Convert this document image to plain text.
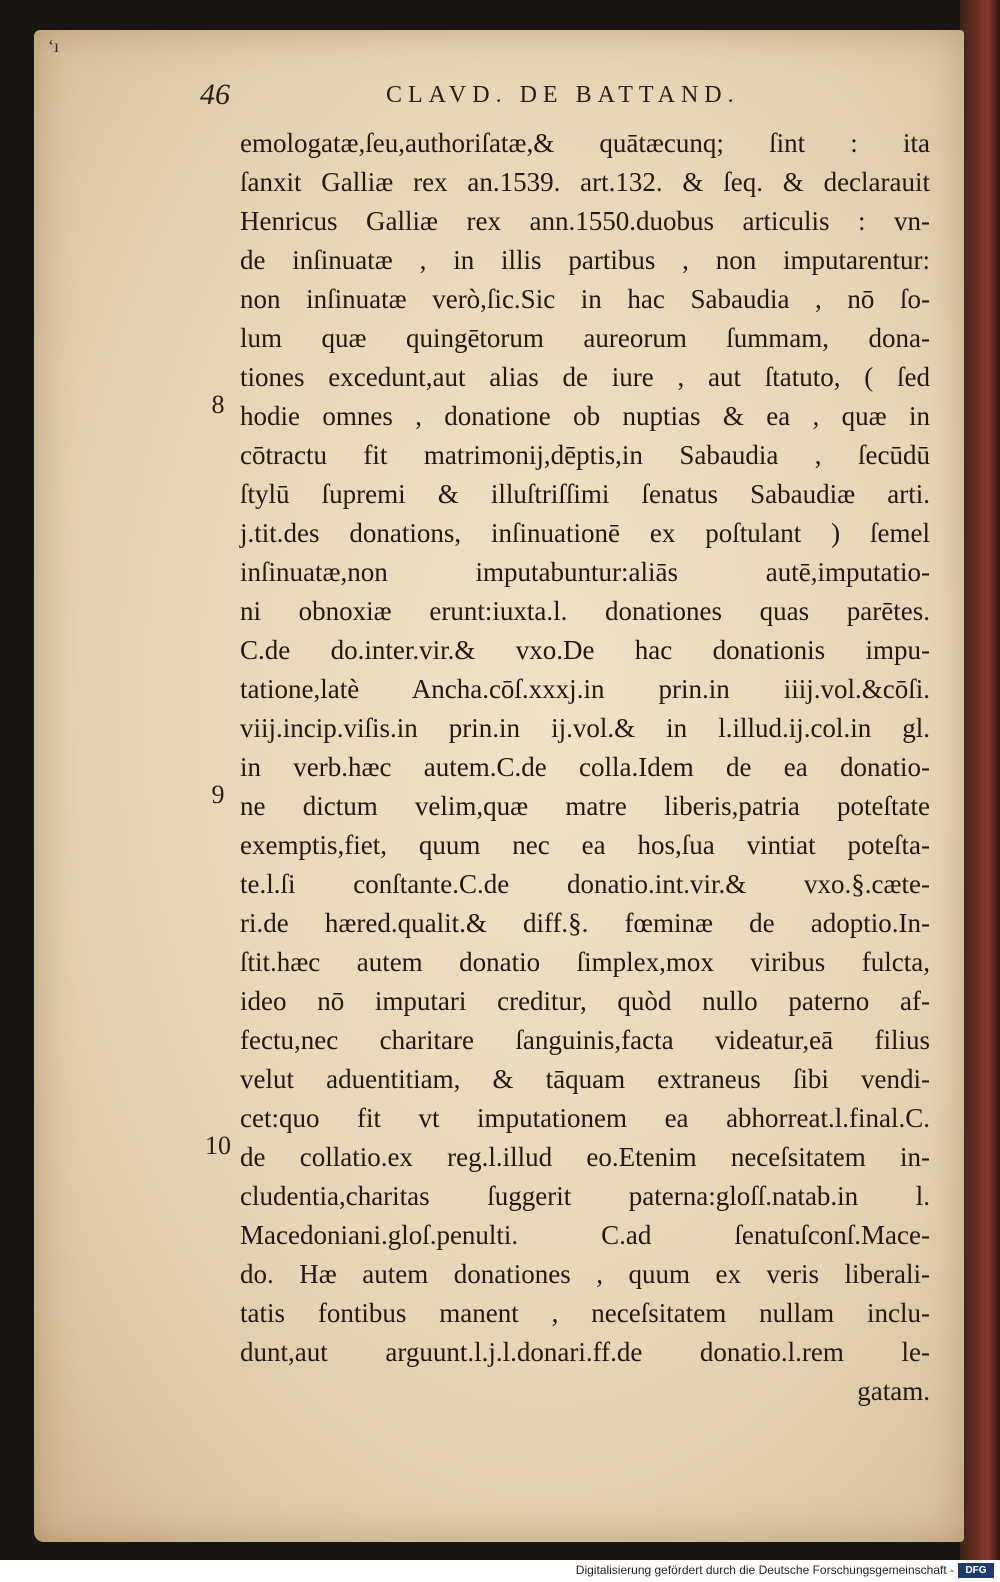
‘ı
46	CLAVD. DE BATTAND.
8
9
10
emologatæ,ſeu,authoriſatæ,& quātæcunq; ſint : ita
ſanxit Galliæ rex an.1539. art.132. & ſeq. & declarauit
Henricus Galliæ rex ann.1550.duobus articulis : vn-
de inſinuatæ , in illis partibus , non imputarentur:
non inſinuatæ verò,ſic.Sic in hac Sabaudia , nō ſo-
lum quæ quingētorum aureorum ſummam, dona-
tiones excedunt,aut alias de iure , aut ſtatuto, ( ſed
hodie omnes , donatione ob nuptias & ea , quæ in
cōtractu fit matrimonij,dēptis,in Sabaudia , ſecūdū
ſtylū ſupremi & illuſtriſſimi ſenatus Sabaudiæ arti.
j.tit.des donations, inſinuationē ex poſtulant ) ſemel
inſinuatæ,non imputabuntur:aliās autē,imputatio-
ni obnoxiæ erunt:iuxta.l. donationes quas parētes.
C.de do.inter.vir.& vxo.De hac donationis impu-
tatione,latè Ancha.cōſ.xxxj.in prin.in iiij.vol.&cōſi.
viij.incip.viſis.in prin.in ij.vol.& in l.illud.ij.col.in gl.
in verb.hæc autem.C.de colla.Idem de ea donatio-
ne dictum velim,quæ matre liberis,patria poteſtate
exemptis,fiet, quum nec ea hos,ſua vintiat poteſta-
te.l.ſi conſtante.C.de donatio.int.vir.& vxo.§.cæte-
ri.de hæred.qualit.& diff.§. fœminæ de adoptio.In-
ſtit.hæc autem donatio ſimplex,mox viribus fulcta,
ideo nō imputari creditur, quòd nullo paterno af-
fectu,nec charitare ſanguinis,facta videatur,eā filius
velut aduentitiam, & tāquam extraneus ſibi vendi-
cet:quo fit vt imputationem ea abhorreat.l.final.C.
de collatio.ex reg.l.illud eo.Etenim neceſsitatem in-
cludentia,charitas ſuggerit paterna:gloſſ.natab.in l.
Macedoniani.gloſ.penulti. C.ad ſenatuſconſ.Mace-
do. Hæ autem donationes , quum ex veris liberali-
tatis fontibus manent , neceſsitatem nullam inclu-
dunt,aut arguunt.l.j.l.donari.ff.de donatio.l.rem le-
gatam.
Digitalisierung gefördert durch die Deutsche Forschungsgemeinschaft -	DFG
